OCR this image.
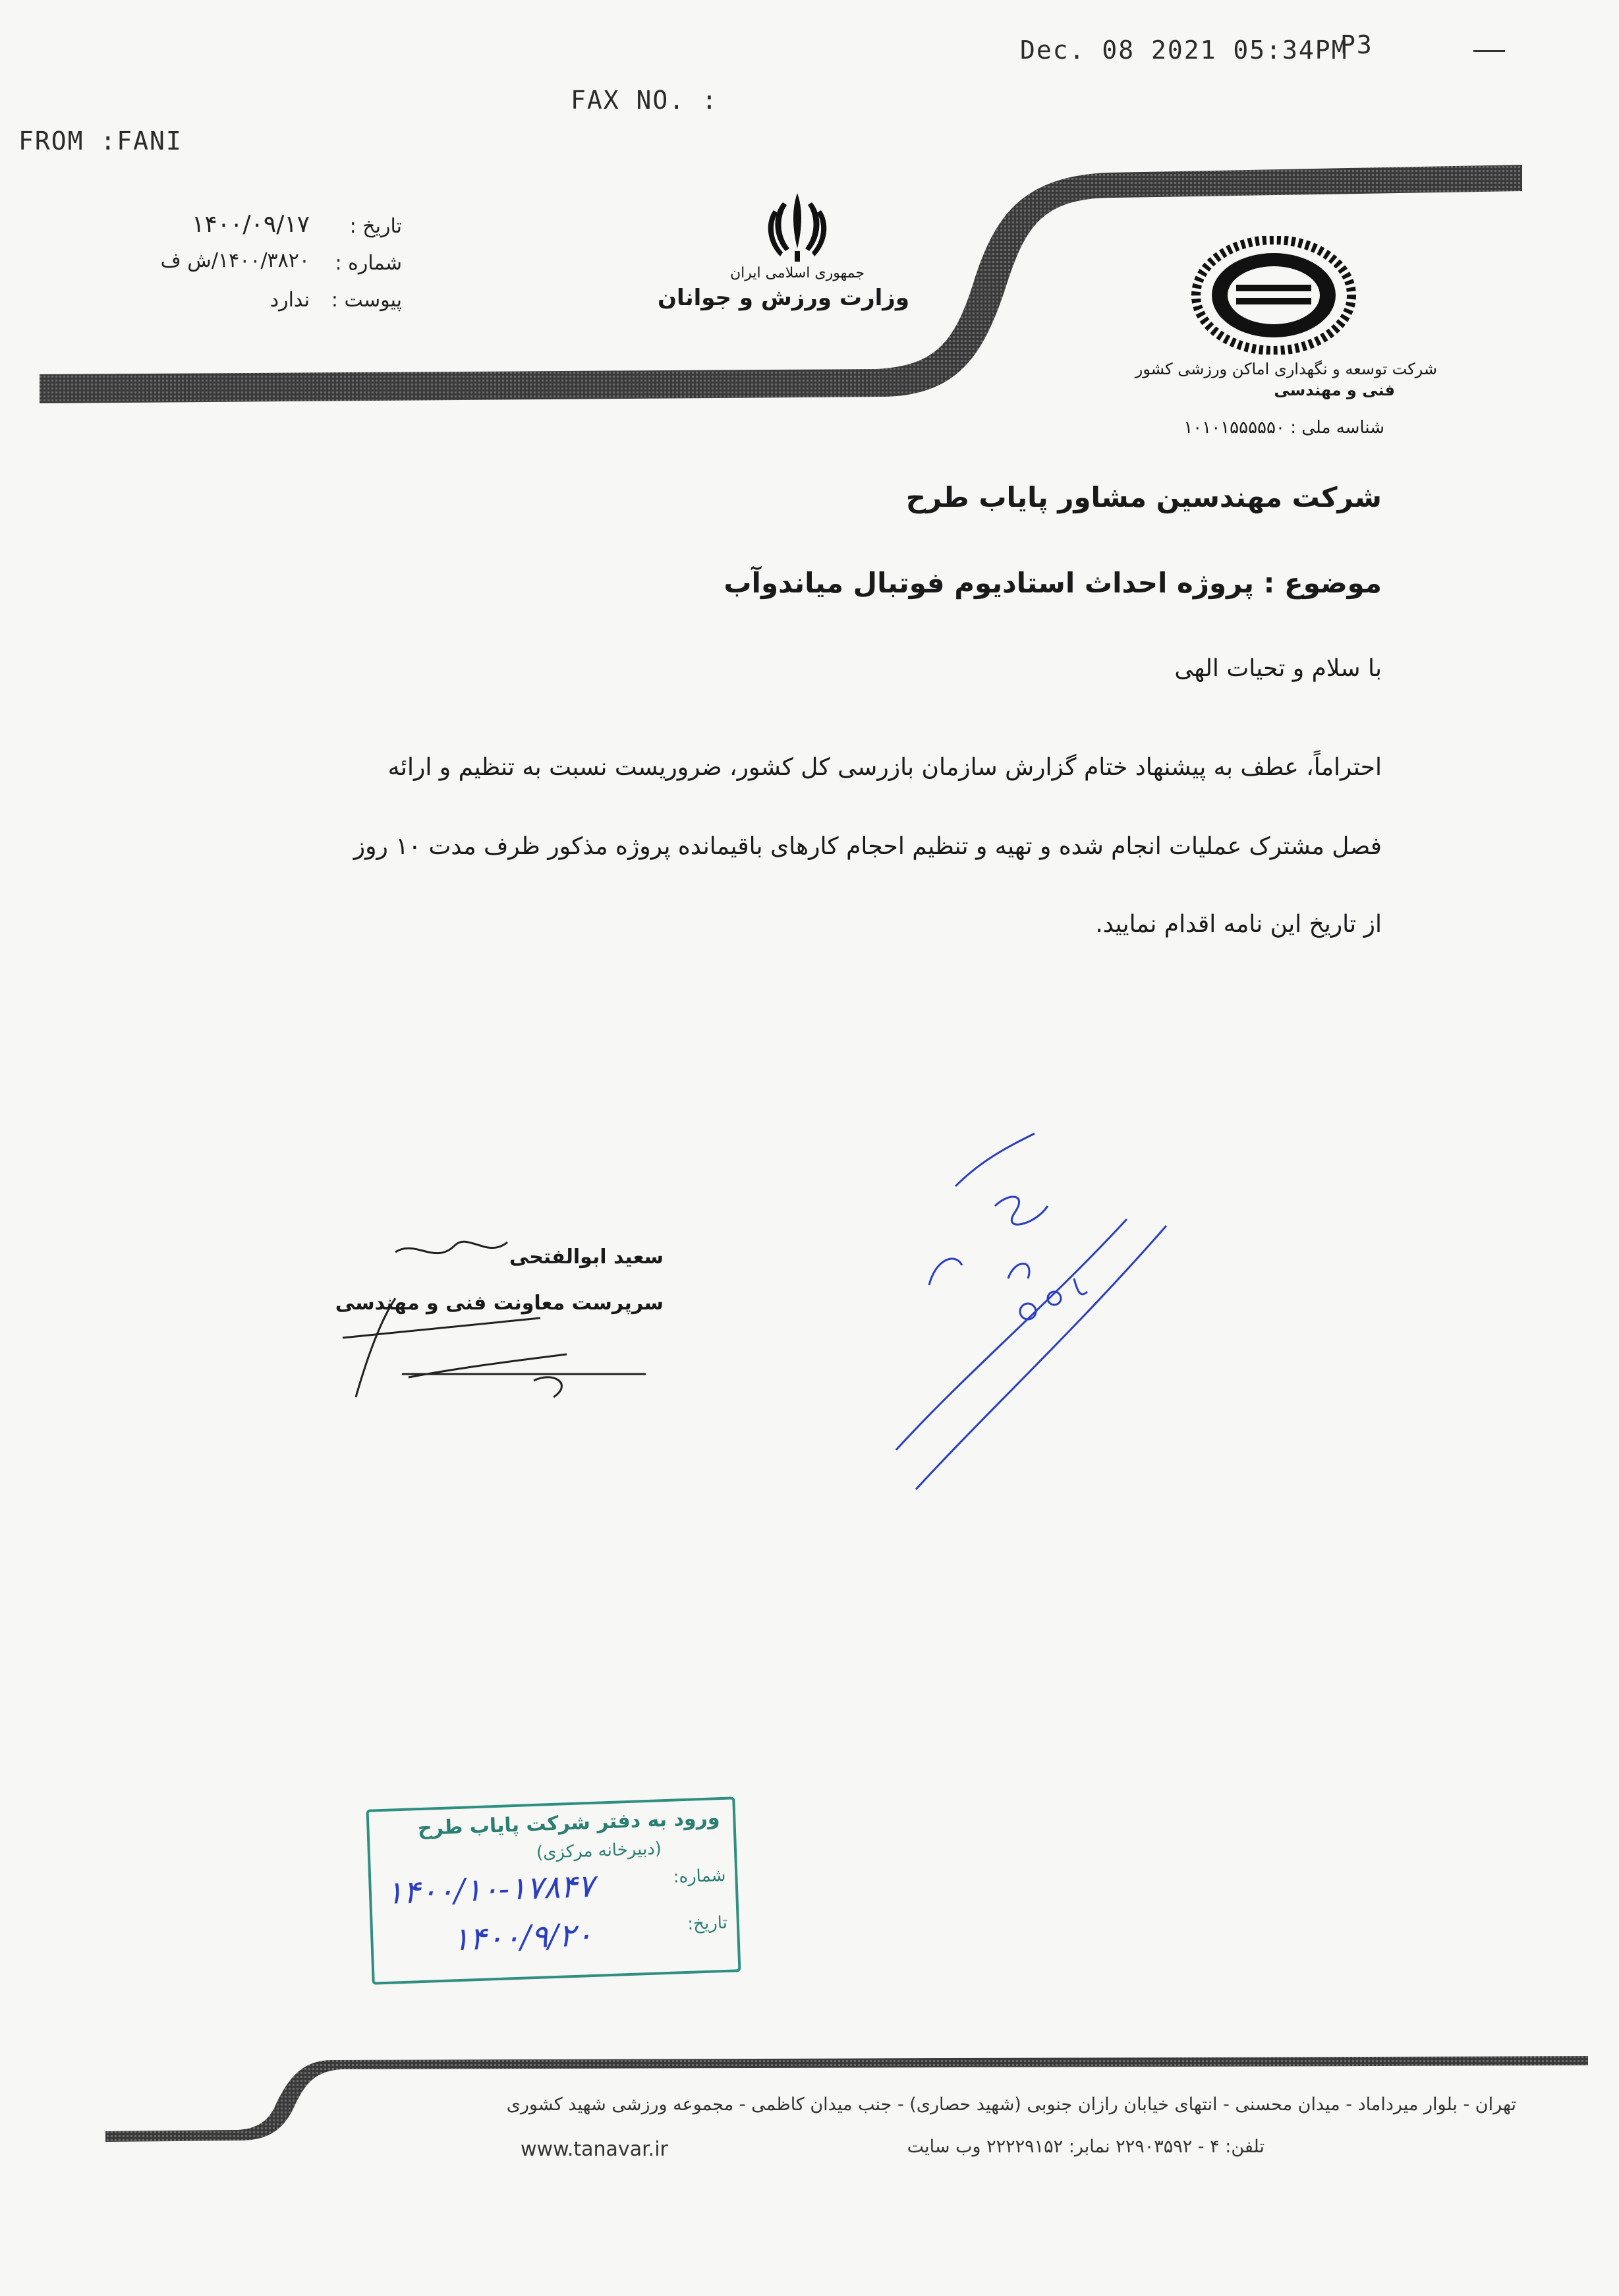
FROM :FANI
FAX NO. :
Dec. 08 2021 05:34PM
P3
جمهوری اسلامی ایران
وزارت ورزش و جوانان
شرکت توسعه و نگهداری اماکن ورزشی کشور
فنی و مهندسی
شناسه ملی : ۱۰۱۰۱۵۵۵۵۵۰
تاریخ :
۱۴۰۰/۰۹/۱۷
شماره :
۱۴۰۰/۳۸۲۰/ش ف
پیوست :
ندارد
شرکت مهندسین مشاور پایاب طرح
موضوع : پروژه احداث استادیوم فوتبال میاندوآب
با سلام و تحیات الهی
احتراماً، عطف به پیشنهاد ختام گزارش سازمان بازرسی کل کشور، ضروریست نسبت به تنظیم و ارائه
فصل مشترک عملیات انجام شده و تهیه و تنظیم احجام کارهای باقیمانده پروژه مذکور ظرف مدت ۱۰ روز
از تاریخ این نامه اقدام نمایید.
سعید ابوالفتحی
سرپرست معاونت فنی و مهندسی
ورود به دفتر شرکت پایاب طرح
(دبیرخانه مرکزی)
شماره:
۱۴۰۰/۱۰-۱۷۸۴۷
تاریخ:
۱۴۰۰/۹/۲۰
تهران - بلوار میرداماد - میدان محسنی - انتهای خیابان رازان جنوبی (شهید حصاری) - جنب میدان کاظمی - مجموعه ورزشی شهید کشوری
تلفن: ۴ - ۲۲۹۰۳۵۹۲ نمابر: ۲۲۲۲۹۱۵۲ وب سایت
www.tanavar.ir
